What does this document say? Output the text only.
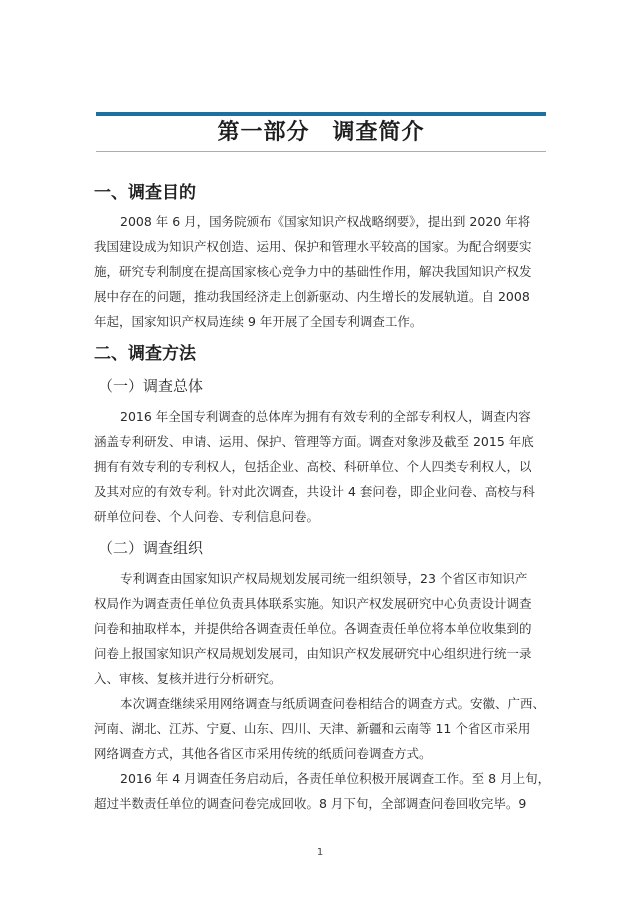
第一部分　调查简介
一、调查目的

2008 年 6 月，国务院颁布《国家知识产权战略纲要》，提出到 2020 年将
我国建设成为知识产权创造、运用、保护和管理水平较高的国家。为配合纲要实
施，研究专利制度在提高国家核心竞争力中的基础性作用，解决我国知识产权发
展中存在的问题，推动我国经济走上创新驱动、内生增长的发展轨道。自 2008
年起，国家知识产权局连续 9 年开展了全国专利调查工作。

二、调查方法
（一）调查总体

2016 年全国专利调查的总体库为拥有有效专利的全部专利权人，调查内容
涵盖专利研发、申请、运用、保护、管理等方面。调查对象涉及截至 2015 年底
拥有有效专利的专利权人，包括企业、高校、科研单位、个人四类专利权人，以
及其对应的有效专利。针对此次调查，共设计 4 套问卷，即企业问卷、高校与科
研单位问卷、个人问卷、专利信息问卷。

（二）调查组织

专利调查由国家知识产权局规划发展司统一组织领导，23 个省区市知识产
权局作为调查责任单位负责具体联系实施。知识产权发展研究中心负责设计调查
问卷和抽取样本，并提供给各调查责任单位。各调查责任单位将本单位收集到的
问卷上报国家知识产权局规划发展司，由知识产权发展研究中心组织进行统一录
入、审核、复核并进行分析研究。

本次调查继续采用网络调查与纸质调查问卷相结合的调查方式。安徽、广西、
河南、湖北、江苏、宁夏、山东、四川、天津、新疆和云南等 11 个省区市采用
网络调查方式，其他各省区市采用传统的纸质问卷调查方式。

2016 年 4 月调查任务启动后，各责任单位积极开展调查工作。至 8 月上旬，
超过半数责任单位的调查问卷完成回收。8 月下旬，全部调查问卷回收完毕。9

1
